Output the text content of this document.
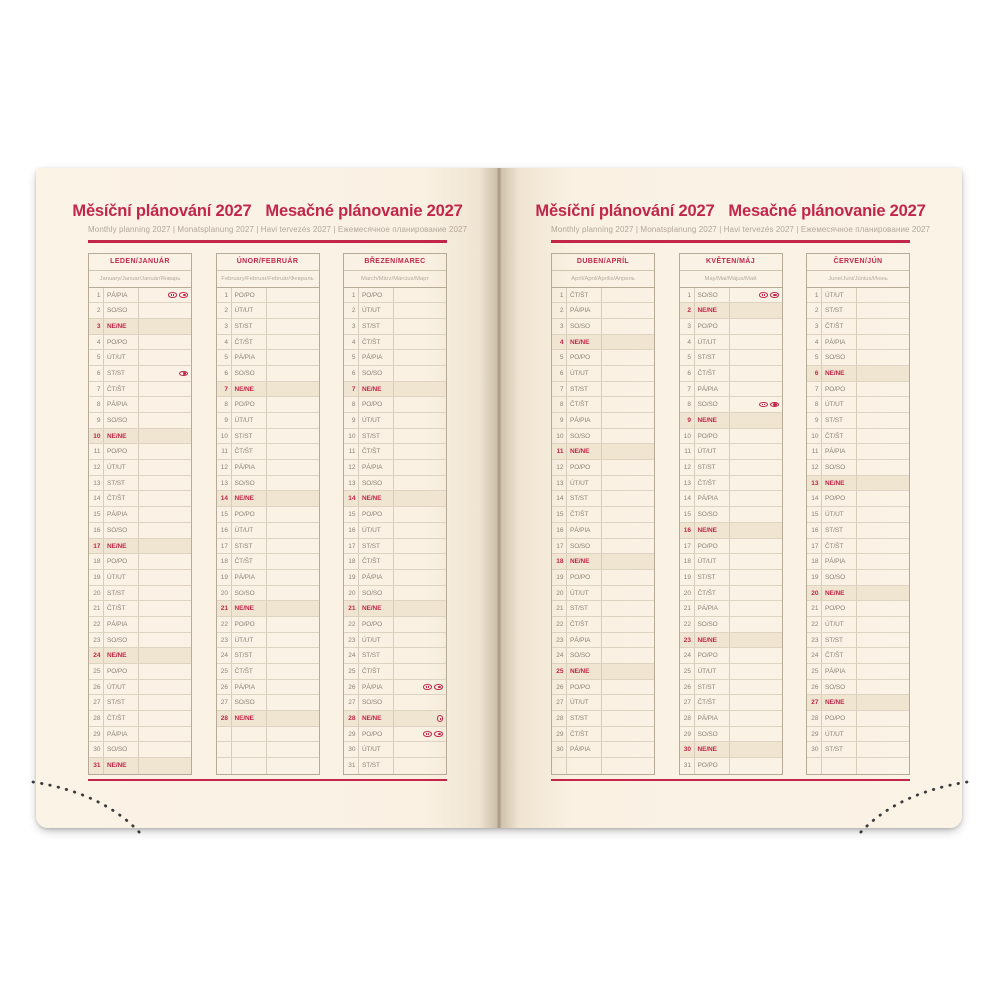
Měsíční plánování 2027 Mesačné plánovanie 2027
Monthly planning 2027 | Monatsplanung 2027 | Havi tervezés 2027 | Ежемесячное планирование 2027
LEDEN/JANUÁR
January/Januar/Január/Январь
1	PÁ/PIA
2	SO/SO
3	NE/NE
4	PO/PO
5	ÚT/UT
6	ST/ST
7	ČT/ŠT
8	PÁ/PIA
9	SO/SO
10	NE/NE
11	PO/PO
12	ÚT/UT
13	ST/ST
14	ČT/ŠT
15	PÁ/PIA
16	SO/SO
17	NE/NE
18	PO/PO
19	ÚT/UT
20	ST/ST
21	ČT/ŠT
22	PÁ/PIA
23	SO/SO
24	NE/NE
25	PO/PO
26	ÚT/UT
27	ST/ST
28	ČT/ŠT
29	PÁ/PIA
30	SO/SO
31	NE/NE
ÚNOR/FEBRUÁR
February/Februar/Február/Февраль
1	PO/PO
2	ÚT/UT
3	ST/ST
4	ČT/ŠT
5	PÁ/PIA
6	SO/SO
7	NE/NE
8	PO/PO
9	ÚT/UT
10	ST/ST
11	ČT/ŠT
12	PÁ/PIA
13	SO/SO
14	NE/NE
15	PO/PO
16	ÚT/UT
17	ST/ST
18	ČT/ŠT
19	PÁ/PIA
20	SO/SO
21	NE/NE
22	PO/PO
23	ÚT/UT
24	ST/ST
25	ČT/ŠT
26	PÁ/PIA
27	SO/SO
28	NE/NE
BŘEZEN/MAREC
March/März/Március/Март
1	PO/PO
2	ÚT/UT
3	ST/ST
4	ČT/ŠT
5	PÁ/PIA
6	SO/SO
7	NE/NE
8	PO/PO
9	ÚT/UT
10	ST/ST
11	ČT/ŠT
12	PÁ/PIA
13	SO/SO
14	NE/NE
15	PO/PO
16	ÚT/UT
17	ST/ST
18	ČT/ŠT
19	PÁ/PIA
20	SO/SO
21	NE/NE
22	PO/PO
23	ÚT/UT
24	ST/ST
25	ČT/ŠT
26	PÁ/PIA
27	SO/SO
28	NE/NE
29	PO/PO
30	ÚT/UT
31	ST/ST
Měsíční plánování 2027 Mesačné plánovanie 2027
Monthly planning 2027 | Monatsplanung 2027 | Havi tervezés 2027 | Ежемесячное планирование 2027
DUBEN/APRÍL
April/April/Április/Апрель
1	ČT/ŠT
2	PÁ/PIA
3	SO/SO
4	NE/NE
5	PO/PO
6	ÚT/UT
7	ST/ST
8	ČT/ŠT
9	PÁ/PIA
10	SO/SO
11	NE/NE
12	PO/PO
13	ÚT/UT
14	ST/ST
15	ČT/ŠT
16	PÁ/PIA
17	SO/SO
18	NE/NE
19	PO/PO
20	ÚT/UT
21	ST/ST
22	ČT/ŠT
23	PÁ/PIA
24	SO/SO
25	NE/NE
26	PO/PO
27	ÚT/UT
28	ST/ST
29	ČT/ŠT
30	PÁ/PIA
KVĚTEN/MÁJ
May/Mai/Május/Май
1	SO/SO
2	NE/NE
3	PO/PO
4	ÚT/UT
5	ST/ST
6	ČT/ŠT
7	PÁ/PIA
8	SO/SO
9	NE/NE
10	PO/PO
11	ÚT/UT
12	ST/ST
13	ČT/ŠT
14	PÁ/PIA
15	SO/SO
16	NE/NE
17	PO/PO
18	ÚT/UT
19	ST/ST
20	ČT/ŠT
21	PÁ/PIA
22	SO/SO
23	NE/NE
24	PO/PO
25	ÚT/UT
26	ST/ST
27	ČT/ŠT
28	PÁ/PIA
29	SO/SO
30	NE/NE
31	PO/PO
ČERVEN/JÚN
June/Juni/Június/Июнь
1	ÚT/UT
2	ST/ST
3	ČT/ŠT
4	PÁ/PIA
5	SO/SO
6	NE/NE
7	PO/PO
8	ÚT/UT
9	ST/ST
10	ČT/ŠT
11	PÁ/PIA
12	SO/SO
13	NE/NE
14	PO/PO
15	ÚT/UT
16	ST/ST
17	ČT/ŠT
18	PÁ/PIA
19	SO/SO
20	NE/NE
21	PO/PO
22	ÚT/UT
23	ST/ST
24	ČT/ŠT
25	PÁ/PIA
26	SO/SO
27	NE/NE
28	PO/PO
29	ÚT/UT
30	ST/ST
